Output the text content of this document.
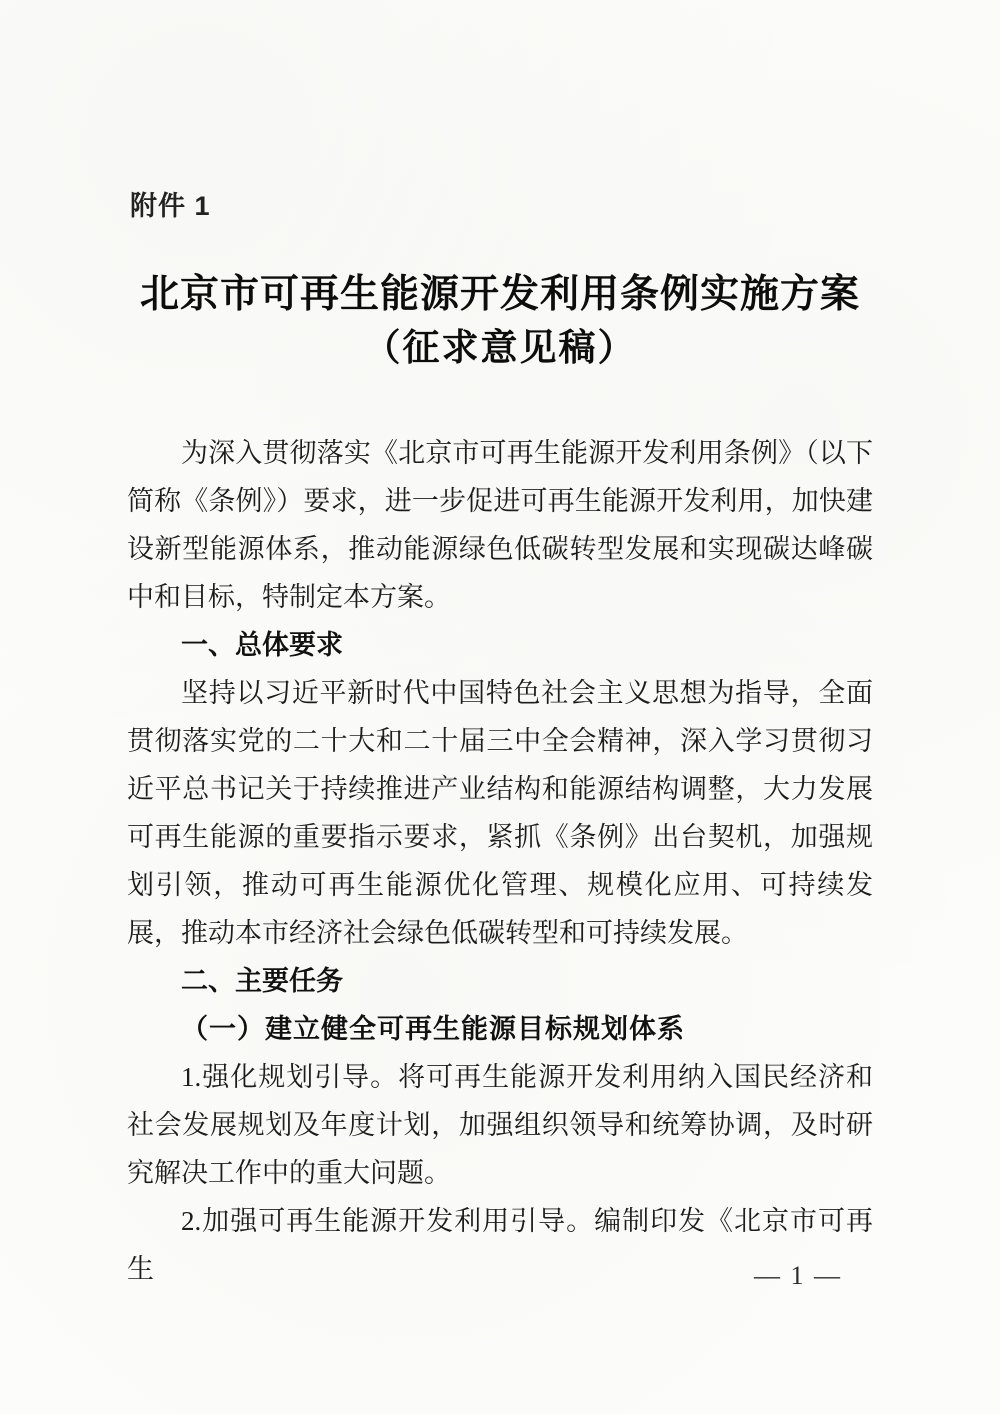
附件 1
北京市可再生能源开发利用条例实施方案
（征求意见稿）

为深入贯彻落实《北京市可再生能源开发利用条例》（以下简称《条例》）要求，进一步促进可再生能源开发利用，加快建设新型能源体系，推动能源绿色低碳转型发展和实现碳达峰碳中和目标，特制定本方案。

一、总体要求

坚持以习近平新时代中国特色社会主义思想为指导，全面贯彻落实党的二十大和二十届三中全会精神，深入学习贯彻习近平总书记关于持续推进产业结构和能源结构调整，大力发展可再生能源的重要指示要求，紧抓《条例》出台契机，加强规划引领，推动可再生能源优化管理、规模化应用、可持续发展，推动本市经济社会绿色低碳转型和可持续发展。

二、主要任务
（一）建立健全可再生能源目标规划体系

1.强化规划引导。将可再生能源开发利用纳入国民经济和社会发展规划及年度计划，加强组织领导和统筹协调，及时研究解决工作中的重大问题。

2.加强可再生能源开发利用引导。编制印发《北京市可再生	— 1 —
